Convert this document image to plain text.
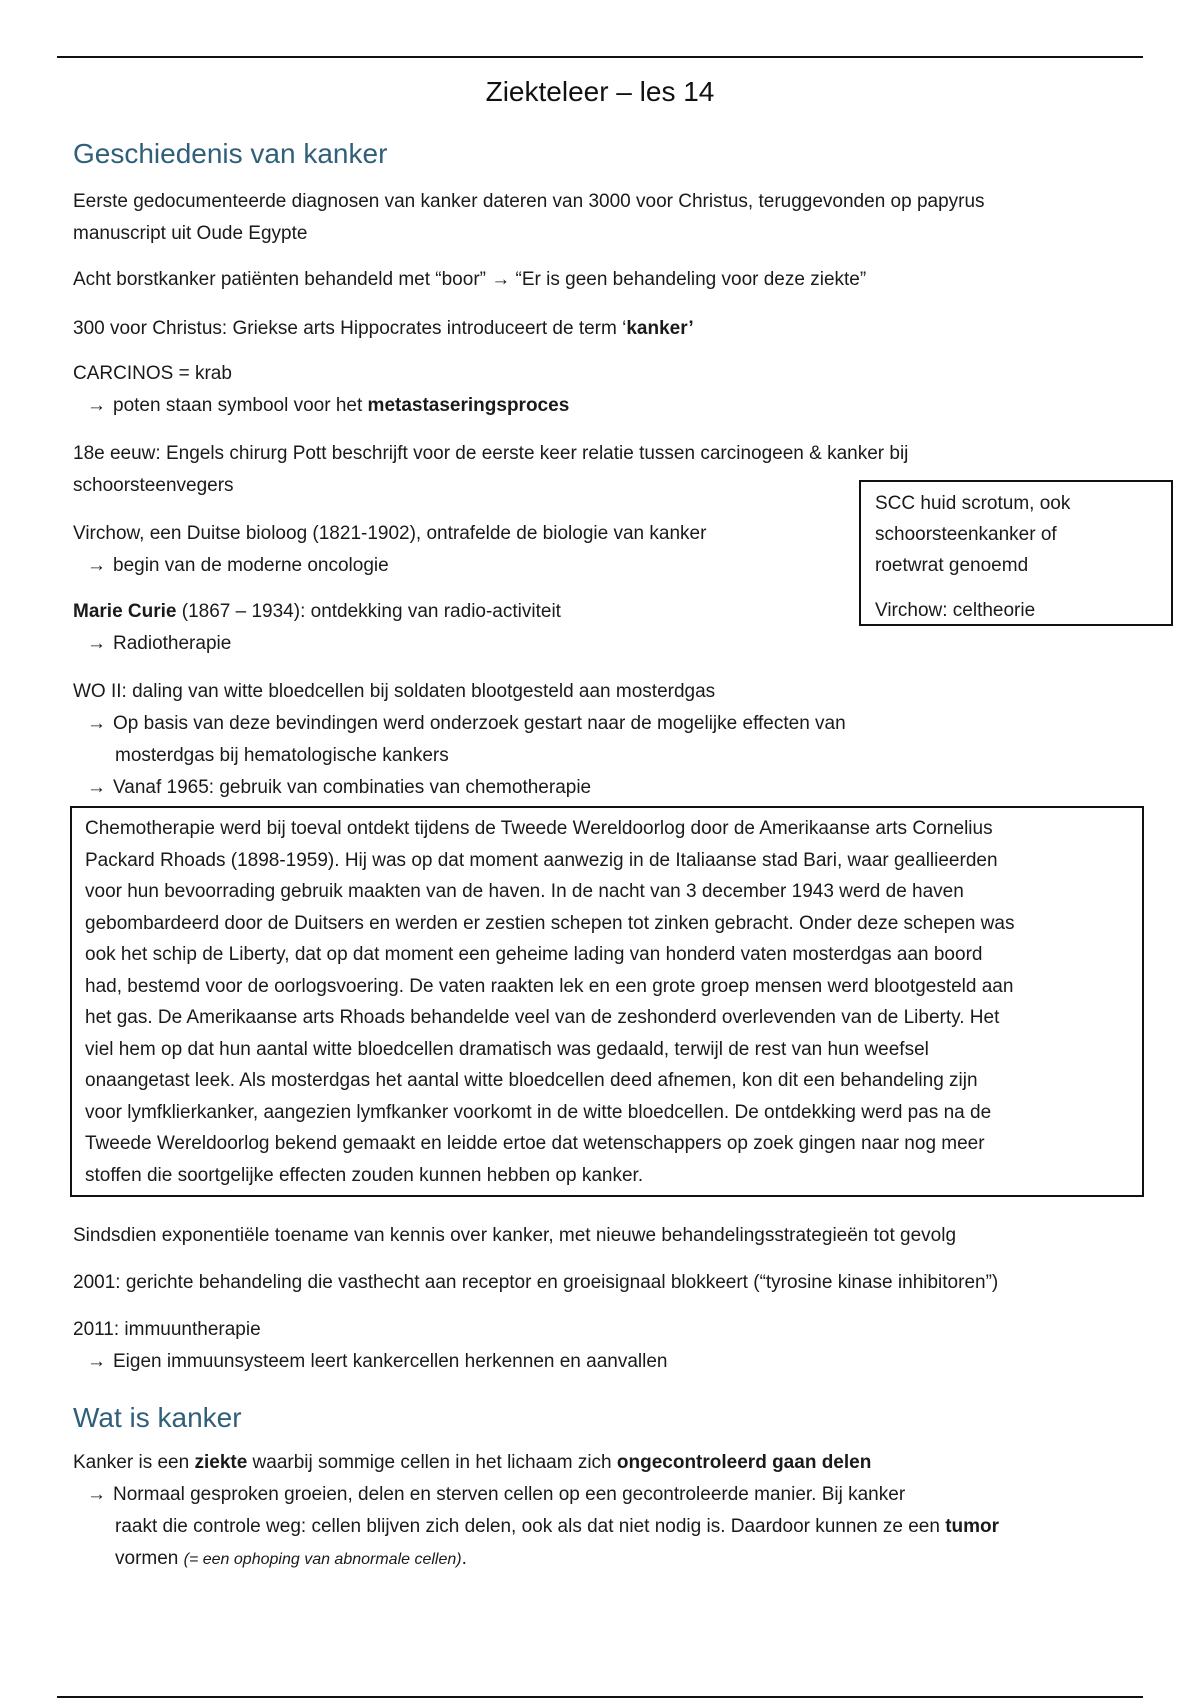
Ziekteleer – les 14
Geschiedenis van kanker
Eerste gedocumenteerde diagnosen van kanker dateren van 3000 voor Christus, teruggevonden op papyrus
manuscript uit Oude Egypte
Acht borstkanker patiënten behandeld met “boor” → “Er is geen behandeling voor deze ziekte”
300 voor Christus: Griekse arts Hippocrates introduceert de term ‘kanker’
CARCINOS = krab
→ poten staan symbool voor het metastaseringsproces
18e eeuw: Engels chirurg Pott beschrijft voor de eerste keer relatie tussen carcinogeen & kanker bij
schoorsteenvegers
Virchow, een Duitse bioloog (1821-1902), ontrafelde de biologie van kanker
→ begin van de moderne oncologie
Marie Curie (1867 – 1934): ontdekking van radio-activiteit
→ Radiotherapie
WO II: daling van witte bloedcellen bij soldaten blootgesteld aan mosterdgas
→ Op basis van deze bevindingen werd onderzoek gestart naar de mogelijke effecten van
mosterdgas bij hematologische kankers
→ Vanaf 1965: gebruik van combinaties van chemotherapie
SCC huid scrotum, ook
schoorsteenkanker of
roetwrat genoemd
Virchow: celtheorie
Chemotherapie werd bij toeval ontdekt tijdens de Tweede Wereldoorlog door de Amerikaanse arts Cornelius
Packard Rhoads (1898-1959). Hij was op dat moment aanwezig in de Italiaanse stad Bari, waar geallieerden
voor hun bevoorrading gebruik maakten van de haven. In de nacht van 3 december 1943 werd de haven
gebombardeerd door de Duitsers en werden er zestien schepen tot zinken gebracht. Onder deze schepen was
ook het schip de Liberty, dat op dat moment een geheime lading van honderd vaten mosterdgas aan boord
had, bestemd voor de oorlogsvoering. De vaten raakten lek en een grote groep mensen werd blootgesteld aan
het gas. De Amerikaanse arts Rhoads behandelde veel van de zeshonderd overlevenden van de Liberty. Het
viel hem op dat hun aantal witte bloedcellen dramatisch was gedaald, terwijl de rest van hun weefsel
onaangetast leek. Als mosterdgas het aantal witte bloedcellen deed afnemen, kon dit een behandeling zijn
voor lymfklierkanker, aangezien lymfkanker voorkomt in de witte bloedcellen. De ontdekking werd pas na de
Tweede Wereldoorlog bekend gemaakt en leidde ertoe dat wetenschappers op zoek gingen naar nog meer
stoffen die soortgelijke effecten zouden kunnen hebben op kanker.
Sindsdien exponentiële toename van kennis over kanker, met nieuwe behandelingsstrategieën tot gevolg
2001: gerichte behandeling die vasthecht aan receptor en groeisignaal blokkeert (“tyrosine kinase inhibitoren”)
2011: immuuntherapie
→ Eigen immuunsysteem leert kankercellen herkennen en aanvallen
Wat is kanker
Kanker is een ziekte waarbij sommige cellen in het lichaam zich ongecontroleerd gaan delen
→ Normaal gesproken groeien, delen en sterven cellen op een gecontroleerde manier. Bij kanker
raakt die controle weg: cellen blijven zich delen, ook als dat niet nodig is. Daardoor kunnen ze een tumor
vormen (= een ophoping van abnormale cellen).
